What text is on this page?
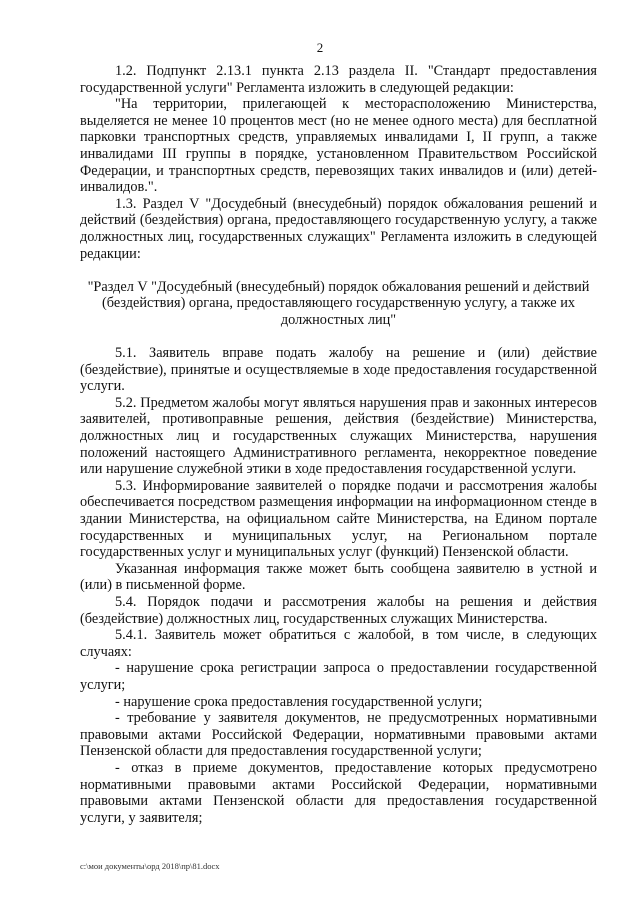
2

1.2. Подпункт 2.13.1 пункта 2.13 раздела II. "Стандарт предоставления государственной услуги" Регламента изложить в следующей редакции:

"На территории, прилегающей к месторасположению Министерства, выделяется не менее 10 процентов мест (но не менее одного места) для бесплатной парковки транспортных средств, управляемых инвалидами I, II групп, а также инвалидами III группы в порядке, установленном Правительством Российской Федерации, и транспортных средств, перевозящих таких инвалидов и (или) детей-инвалидов.".

1.3. Раздел V "Досудебный (внесудебный) порядок обжалования решений и действий (бездействия) органа, предоставляющего государственную услугу, а также должностных лиц, государственных служащих" Регламента изложить в следующей редакции:

"Раздел V "Досудебный (внесудебный) порядок обжалования решений и действий (бездействия) органа, предоставляющего государственную услугу, а также их должностных лиц"

5.1. Заявитель вправе подать жалобу на решение и (или) действие (бездействие), принятые и осуществляемые в ходе предоставления государственной услуги.

5.2. Предметом жалобы могут являться нарушения прав и законных интересов заявителей, противоправные решения, действия (бездействие) Министерства, должностных лиц и государственных служащих Министерства, нарушения положений настоящего Административного регламента, некорректное поведение или нарушение служебной этики в ходе предоставления государственной услуги.

5.3. Информирование заявителей о порядке подачи и рассмотрения жалобы обеспечивается посредством размещения информации на информационном стенде в здании Министерства, на официальном сайте Министерства, на Едином портале государственных и муниципальных услуг, на Региональном портале государственных услуг и муниципальных услуг (функций) Пензенской области.

Указанная информация также может быть сообщена заявителю в устной и (или) в письменной форме.

5.4. Порядок подачи и рассмотрения жалобы на решения и действия (бездействие) должностных лиц, государственных служащих Министерства.

5.4.1. Заявитель может обратиться с жалобой, в том числе, в следующих случаях:

- нарушение срока регистрации запроса о предоставлении государственной услуги;

- нарушение срока предоставления государственной услуги;

- требование у заявителя документов, не предусмотренных нормативными правовыми актами Российской Федерации, нормативными правовыми актами Пензенской области для предоставления государственной услуги;

- отказ в приеме документов, предоставление которых предусмотрено нормативными правовыми актами Российской Федерации, нормативными правовыми актами Пензенской области для предоставления государственной услуги, у заявителя;

c:\мои документы\орд 2018\пр\81.docx
